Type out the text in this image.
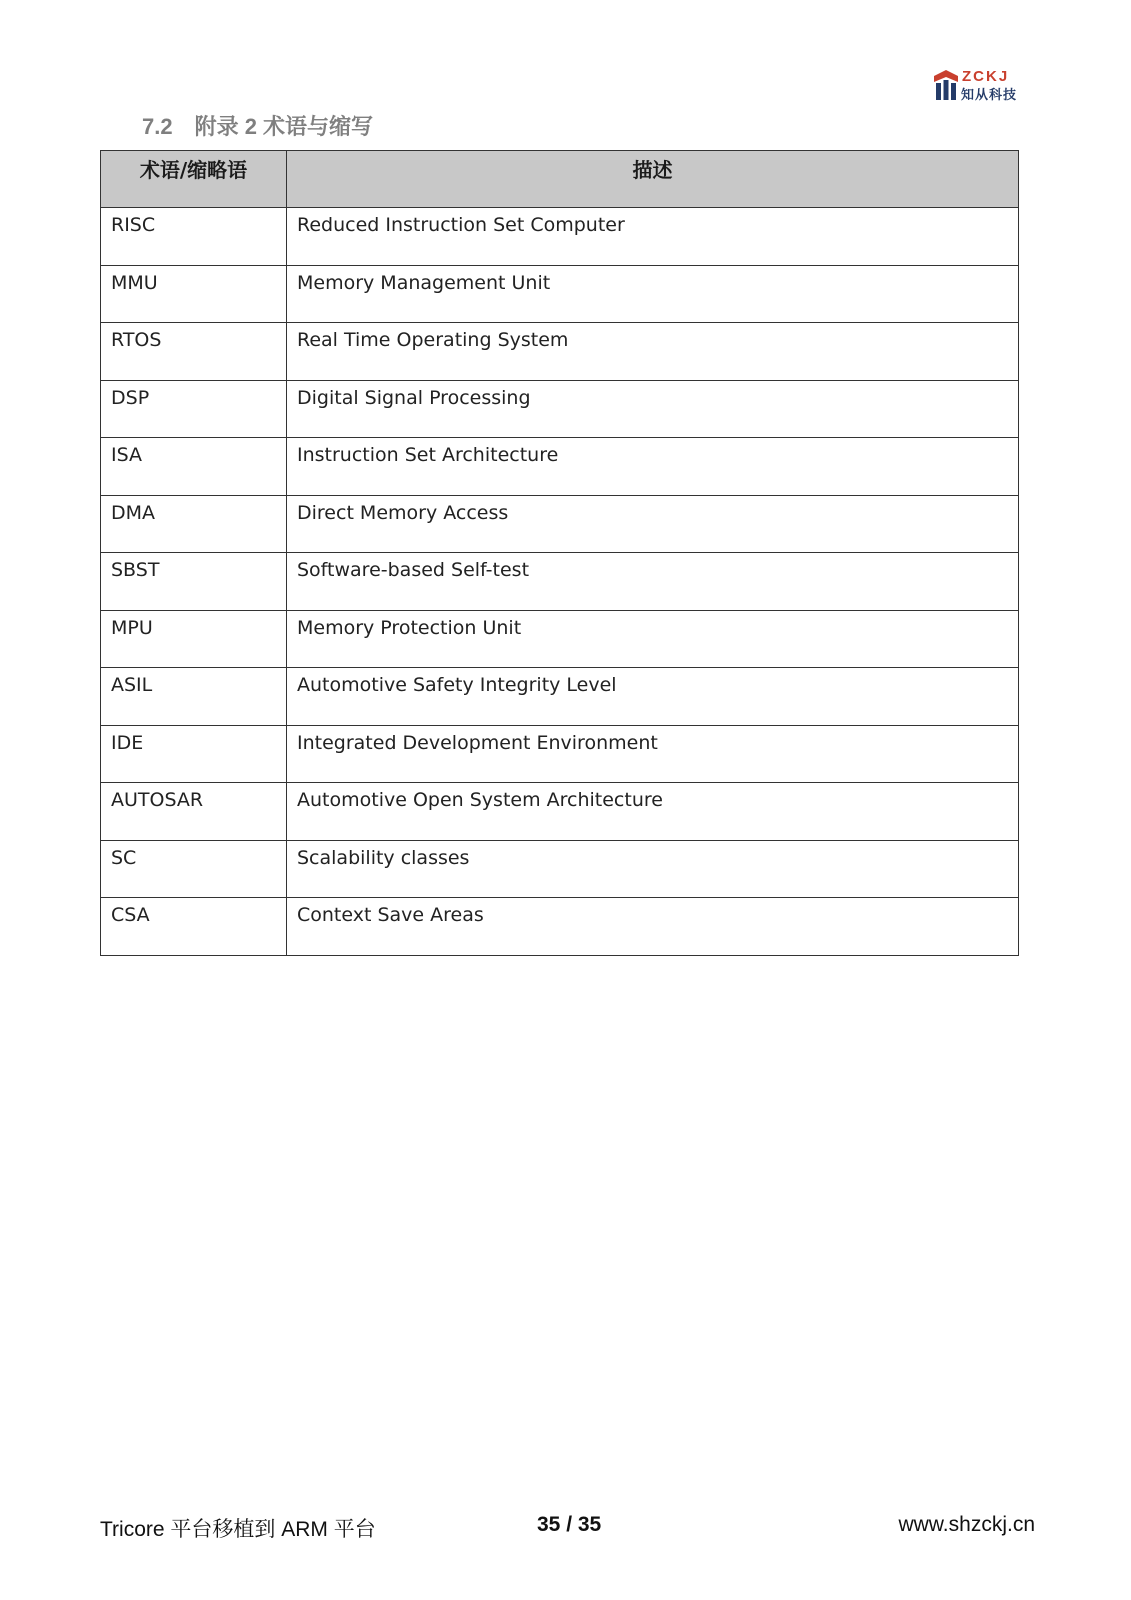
ZCKJ
知从科技
7.2 附录 2 术语与缩写
术语/缩略语	描述
RISC	Reduced Instruction Set Computer
MMU	Memory Management Unit
RTOS	Real Time Operating System
DSP	Digital Signal Processing
ISA	Instruction Set Architecture
DMA	Direct Memory Access
SBST	Software-based Self-test
MPU	Memory Protection Unit
ASIL	Automotive Safety Integrity Level
IDE	Integrated Development Environment
AUTOSAR	Automotive Open System Architecture
SC	Scalability classes
CSA	Context Save Areas
Tricore 平台移植到 ARM 平台	35 / 35	www.shzckj.cn
